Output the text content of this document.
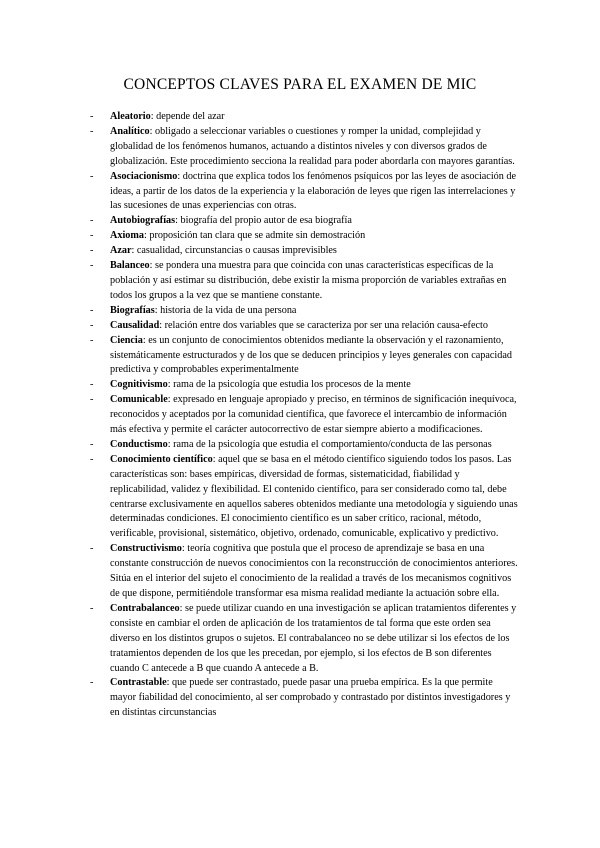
CONCEPTOS CLAVES PARA EL EXAMEN DE MIC
- Aleatorio: depende del azar
- Analítico: obligado a seleccionar variables o cuestiones y romper la unidad, complejidad y globalidad de los fenómenos humanos, actuando a distintos niveles y con diversos grados de globalización. Este procedimiento secciona la realidad para poder abordarla con mayores garantías.
- Asociacionismo: doctrina que explica todos los fenómenos psíquicos por las leyes de asociación de ideas, a partir de los datos de la experiencia y la elaboración de leyes que rigen las interrelaciones y las sucesiones de unas experiencias con otras.
- Autobiografías: biografía del propio autor de esa biografía
- Axioma: proposición tan clara que se admite sin demostración
- Azar: casualidad, circunstancias o causas imprevisibles
- Balanceo: se pondera una muestra para que coincida con unas características específicas de la población y así estimar su distribución, debe existir la misma proporción de variables extrañas en todos los grupos a la vez que se mantiene constante.
- Biografías: historia de la vida de una persona
- Causalidad: relación entre dos variables que se caracteriza por ser una relación causa-efecto
- Ciencia: es un conjunto de conocimientos obtenidos mediante la observación y el razonamiento, sistemáticamente estructurados y de los que se deducen principios y leyes generales con capacidad predictiva y comprobables experimentalmente
- Cognitivismo: rama de la psicología que estudia los procesos de la mente
- Comunicable: expresado en lenguaje apropiado y preciso, en términos de significación inequívoca, reconocidos y aceptados por la comunidad científica, que favorece el intercambio de información más efectiva y permite el carácter autocorrectivo de estar siempre abierto a modificaciones.
- Conductismo: rama de la psicología que estudia el comportamiento/conducta de las personas
- Conocimiento científico: aquel que se basa en el método científico siguiendo todos los pasos. Las características son: bases empíricas, diversidad de formas, sistematicidad, fiabilidad y replicabilidad, validez y flexibilidad. El contenido científico, para ser considerado como tal, debe centrarse exclusivamente en aquellos saberes obtenidos mediante una metodología y siguiendo unas determinadas condiciones. El conocimiento científico es un saber crítico, racional, método, verificable, provisional, sistemático, objetivo, ordenado, comunicable, explicativo y predictivo.
- Constructivismo: teoría cognitiva que postula que el proceso de aprendizaje se basa en una constante construcción de nuevos conocimientos con la reconstrucción de conocimientos anteriores. Sitúa en el interior del sujeto el conocimiento de la realidad a través de los mecanismos cognitivos de que dispone, permitiéndole transformar esa misma realidad mediante la actuación sobre ella.
- Contrabalanceo: se puede utilizar cuando en una investigación se aplican tratamientos diferentes y consiste en cambiar el orden de aplicación de los tratamientos de tal forma que este orden sea diverso en los distintos grupos o sujetos. El contrabalanceo no se debe utilizar si los efectos de los tratamientos dependen de los que les precedan, por ejemplo, si los efectos de B son diferentes cuando C antecede a B que cuando A antecede a B.
- Contrastable: que puede ser contrastado, puede pasar una prueba empírica. Es la que permite mayor fiabilidad del conocimiento, al ser comprobado y contrastado por distintos investigadores y en distintas circunstancias
